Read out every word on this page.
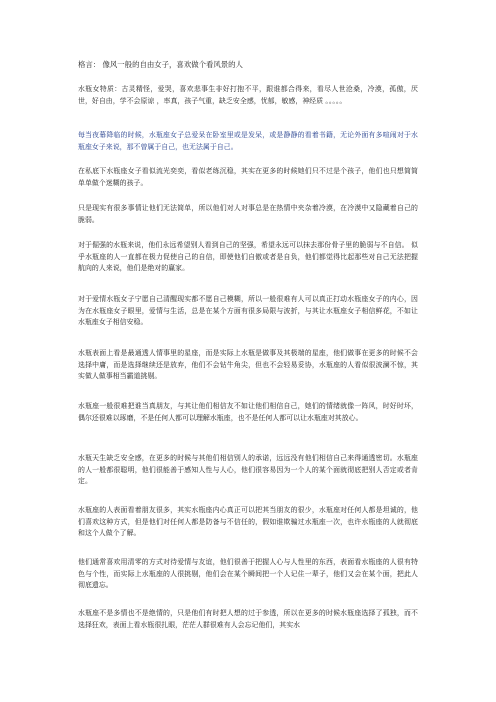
格言： 像风一般的自由女子，喜欢做个看风景的人
水瓶女特质：古灵精怪，爱哭，喜欢悲事生非好打抱不平，跟谁都合得来，看尽人世沧桑，冷漠，孤傲，厌世，好自由，学不会原谅 ，率真，孩子气重，缺乏安全感，忧郁，敏感，神经质 。。。。。
每当夜幕降临的时候，水瓶座女子总爱呆在卧室里或是发呆，或是静静的看着书籍，无论外面有多喧闹对于水瓶座女子来说，那不曾属于自己，也无法属于自己。
在私底下水瓶座女子看似流光奕奕，看似老练沉稳，其实在更多的时候她们只不过是个孩子，他们也只想简简单单做个迷糊的孩子。
只是现实有很多事情让他们无法简单，所以他们对人对事总是在热情中夹杂着冷漠，在冷漠中又隐藏着自己的脆弱。
对于倔强的水瓶来说，他们永远希望别人看到自己的坚强，希望永远可以抹去那份骨子里的脆弱与不自信。 似乎水瓶座的人一直都在极力促使自己的自信，即使他们自傲或者是自负，他们都觉得比起那些对自己无法把握航向的人来说，他们是绝对的赢家。
对于爱情水瓶女子宁愿自己清醒现实都不愿自己模糊，所以一般很难有人可以真正打动水瓶座女子的内心，因为在水瓶座女子眼里，爱情与生活，总是在某个方面有很多局限与波折，与其让水瓶座女子相信鲜花，不如让水瓶座女子相信安稳。
水瓶表面上看是最通透人情事里的星座，而是实际上水瓶是做事及其极端的星座，他们做事在更多的时候不会选择中庸，而是选择继续还是放弃，他们不会钻牛角尖，但也不会轻易妥协，水瓶座的人看似很波澜不惊，其实做人做事相当霸道挑剔。
水瓶座一般很难把谁当真朋友，与其让他们相信友不如让他们相信自己，她们的情绪就像一阵风，时好时坏，偶尔还很难以琢磨，不是任何人都可以理解水瓶座，也不是任何人都可以让水瓶座对其放心。
水瓶天生缺乏安全感，在更多的时候与其他们相信别人的承诺，远远没有他们相信自己来得通透密切。水瓶座的人一般都很聪明，他们很能善于感知人性与人心，他们很容易因为一个人的某个面就彻底把别人否定或者肯定。
水瓶座的人表面看着朋友很多，其实水瓶座内心真正可以把其当朋友的很少，水瓶座对任何人都是坦诚的，他们喜欢这种方式，但是他们对任何人都是防备与不信任的，假如谁欺骗过水瓶座一次，也许水瓶座的人就彻底和这个人做个了解。
他们通常喜欢用清零的方式对待爱情与友谊，他们很善于把握人心与人性里的东西，表面看水瓶座的人很有特色与个性，而实际上水瓶座的人很挑剔，他们会在某个瞬间把一个人记住一辈子，他们又会在某个面，把此人彻底遗忘。
水瓶座不是多情也不是绝情的，只是他们有时把人想的过于参透，所以在更多的时候水瓶座选择了孤独，而不选择狂欢，表面上看水瓶很扎眼，茫茫人群很难有人会忘记他们，其实水
